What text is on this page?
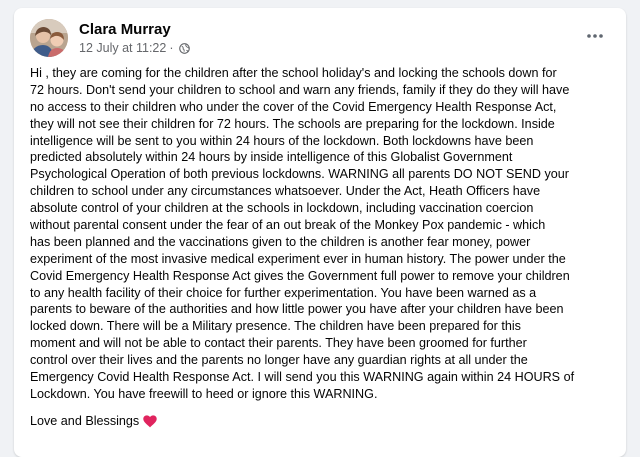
Clara Murray
12 July at 11:22 ·
Hi , they are coming for the children after the school holiday's and locking the schools down for
72 hours. Don't send your children to school and warn any friends, family if they do they will have
no access to their children who under the cover of the Covid Emergency Health Response Act,
they will not see their children for 72 hours. The schools are preparing for the lockdown. Inside
intelligence will be sent to you within 24 hours of the lockdown. Both lockdowns have been
predicted absolutely within 24 hours by inside intelligence of this Globalist Government
Psychological Operation of both previous lockdowns. WARNING all parents DO NOT SEND your
children to school under any circumstances whatsoever. Under the Act, Heath Officers have
absolute control of your children at the schools in lockdown, including vaccination coercion
without parental consent under the fear of an out break of the Monkey Pox pandemic - which
has been planned and the vaccinations given to the children is another fear money, power
experiment of the most invasive medical experiment ever in human history. The power under the
Covid Emergency Health Response Act gives the Government full power to remove your children
to any health facility of their choice for further experimentation. You have been warned as a
parents to beware of the authorities and how little power you have after your children have been
locked down. There will be a Military presence. The children have been prepared for this
moment and will not be able to contact their parents. They have been groomed for further
control over their lives and the parents no longer have any guardian rights at all under the
Emergency Covid Health Response Act. I will send you this WARNING again within 24 HOURS of
Lockdown. You have freewill to heed or ignore this WARNING.
Love and Blessings
